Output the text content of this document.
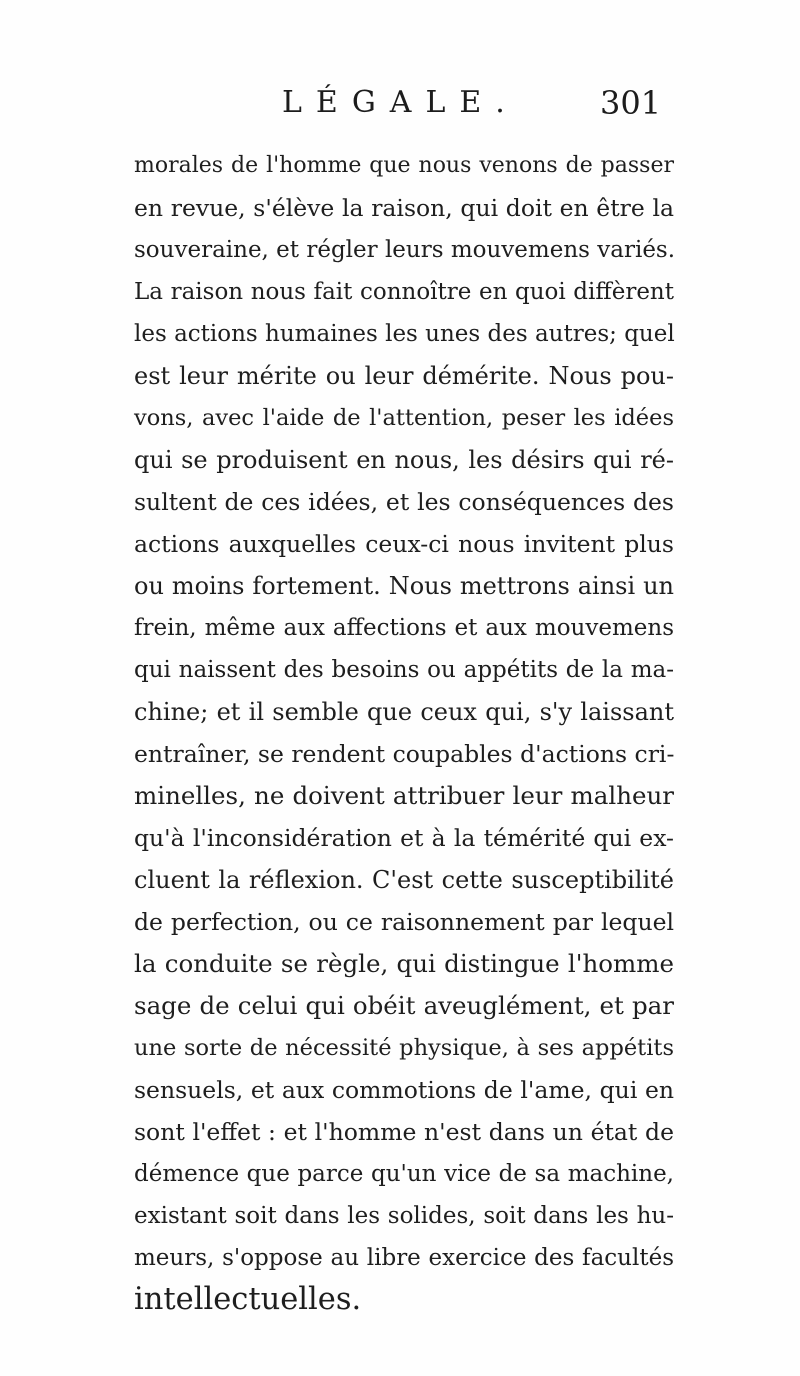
LÉGALE.	301
morales de l'homme que nous venons de passer
en revue, s'élève la raison, qui doit en être la
souveraine, et régler leurs mouvemens variés.
La raison nous fait connoître en quoi diffèrent
les actions humaines les unes des autres; quel
est leur mérite ou leur démérite. Nous pou-
vons, avec l'aide de l'attention, peser les idées
qui se produisent en nous, les désirs qui ré-
sultent de ces idées, et les conséquences des
actions auxquelles ceux-ci nous invitent plus
ou moins fortement. Nous mettrons ainsi un
frein, même aux affections et aux mouvemens
qui naissent des besoins ou appétits de la ma-
chine; et il semble que ceux qui, s'y laissant
entraîner, se rendent coupables d'actions cri-
minelles, ne doivent attribuer leur malheur
qu'à l'inconsidération et à la témérité qui ex-
cluent la réflexion. C'est cette susceptibilité
de perfection, ou ce raisonnement par lequel
la conduite se règle, qui distingue l'homme
sage de celui qui obéit aveuglément, et par
une sorte de nécessité physique, à ses appétits
sensuels, et aux commotions de l'ame, qui en
sont l'effet : et l'homme n'est dans un état de
démence que parce qu'un vice de sa machine,
existant soit dans les solides, soit dans les hu-
meurs, s'oppose au libre exercice des facultés
intellectuelles.
